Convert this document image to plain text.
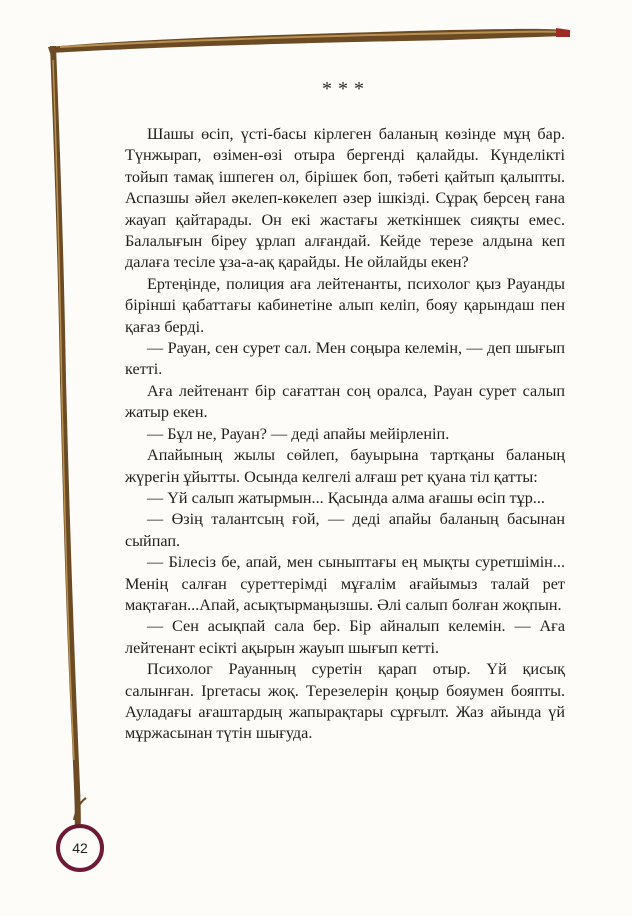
***

Шашы өсіп, үсті-басы кірлеген баланың көзінде мұң бар. Түнжырап, өзімен-өзі отыра бергенді қалайды. Күнделікті тойып тамақ ішпеген ол, бірішек боп, тәбеті қайтып қалыпты. Аспазшы әйел әкелеп-көкелеп әзер ішкізді. Сұрақ берсең ғана жауап қайтарады. Он екі жастағы жеткіншек сияқты емес. Балалығын біреу ұрлап алғандай. Кейде терезе алдына кеп далаға тесіле ұза-а-ақ қарайды. Не ойлайды екен?

Ертеңінде, полиция аға лейтенанты, психолог қыз Рауанды бірінші қабаттағы кабинетіне алып келіп, бояу қарындаш пен қағаз берді.

— Рауан, сен сурет сал. Мен соңыра келемін, — деп шығып кетті.

Аға лейтенант бір сағаттан соң оралса, Рауан сурет салып жатыр екен.

— Бұл не, Рауан? — деді апайы мейірленіп.

Апайының жылы сөйлеп, бауырына тартқаны баланың жүрегін ұйытты. Осында келгелі алғаш рет қуана тіл қатты:

— Үй салып жатырмын... Қасында алма ағашы өсіп тұр...

— Өзің талантсың ғой, — деді апайы баланың басынан сыйпап.

— Білесіз бе, апай, мен сыныптағы ең мықты суретшімін... Менің салған суреттерімді мұғалім ағайымыз талай рет мақтаған...Апай, асықтырмаңызшы. Әлі салып болған жоқпын.

— Сен асықпай сала бер. Бір айналып келемін. — Аға лейтенант есікті ақырын жауып шығып кетті.

Психолог Рауанның суретін қарап отыр. Үй қисық салынған. Іргетасы жоқ. Терезелерін қоңыр бояумен бояпты. Ауладағы ағаштардың жапырақтары сұрғылт. Жаз айында үй мұржасынан түтін шығуда.

42
